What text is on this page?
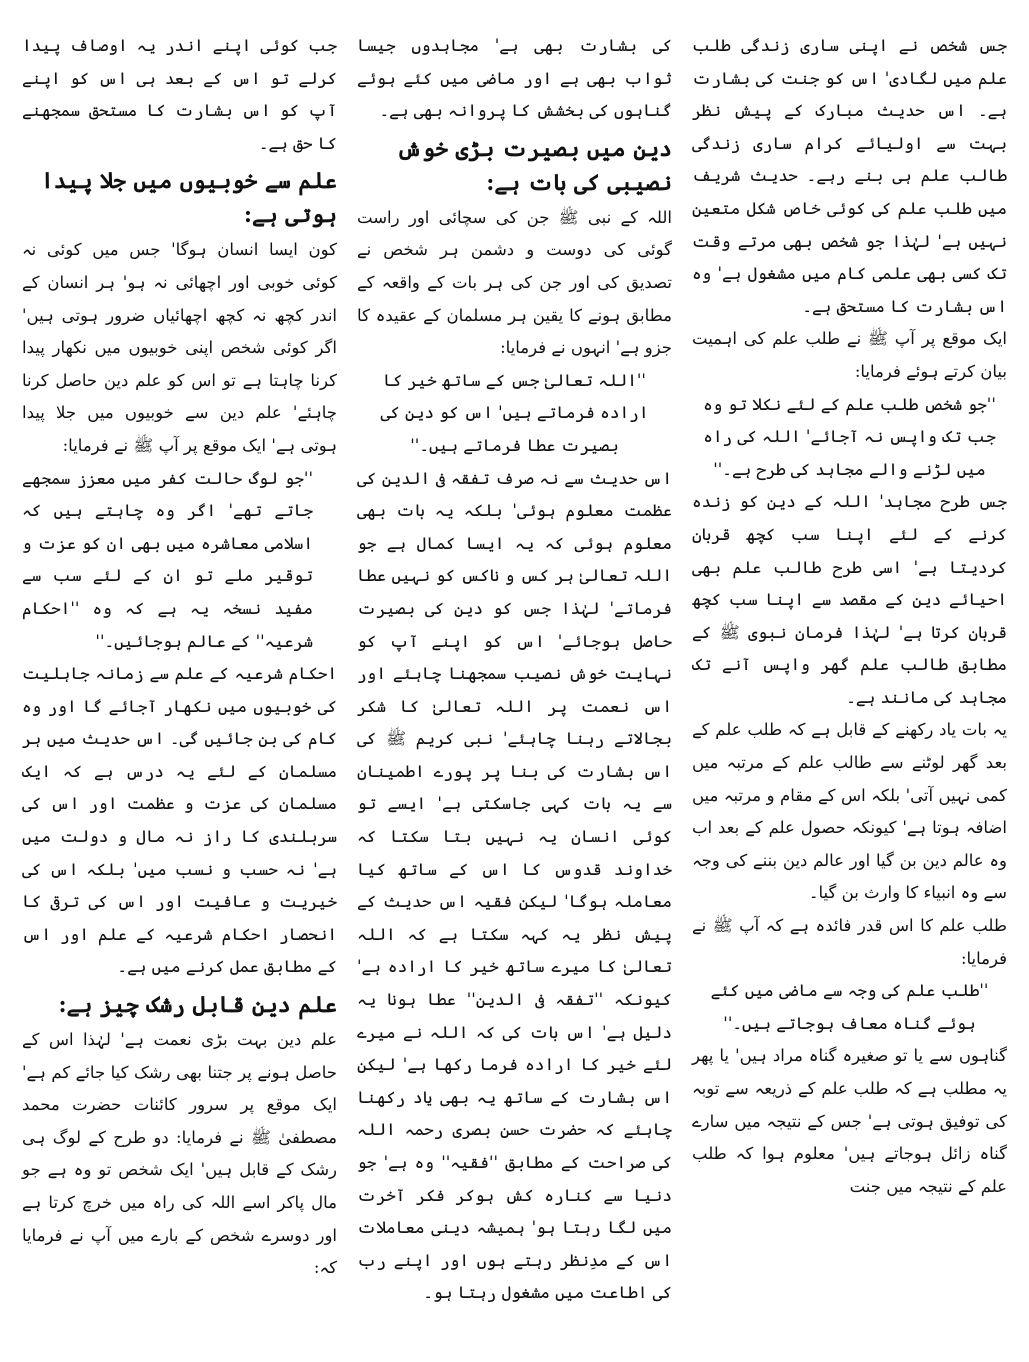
جس شخص نے اپنی ساری زندگی طلب علم میں لگادی' اس کو جنت کی بشارت ہے۔ اس حدیث مبارک کے پیش نظر بہت سے اولیائے کرام ساری زندگی طالب علم ہی بنے رہے۔ حدیث شریف میں طلب علم کی کوئی خاص شکل متعین نہیں ہے' لہٰذا جو شخص بھی مرتے وقت تک کسی بھی علمی کام میں مشغول ہے' وہ اس بشارت کا مستحق ہے۔

ایک موقع پر آپ ﷺ نے طلب علم کی اہمیت بیان کرتے ہوئے فرمایا:

''جو شخص طلب علم کے لئے نکلا تو وہ جب تک واپس نہ آجائے' اللہ کی راہ میں لڑنے والے مجاہد کی طرح ہے۔''

جس طرح مجاہد' اللہ کے دین کو زندہ کرنے کے لئے اپنا سب کچھ قربان کردیتا ہے' اسی طرح طالب علم بھی احیائے دین کے مقصد سے اپنا سب کچھ قربان کرتا ہے' لہٰذا فرمان نبوی ﷺ کے مطابق طالب علم گھر واپس آنے تک مجاہد کی مانند ہے۔

یہ بات یاد رکھنے کے قابل ہے کہ طلب علم کے بعد گھر لوٹنے سے طالب علم کے مرتبہ میں کمی نہیں آتی' بلکہ اس کے مقام و مرتبہ میں اضافہ ہوتا ہے' کیونکہ حصول علم کے بعد اب وہ عالم دین بن گیا اور عالم دین بننے کی وجہ سے وہ انبیاء کا وارث بن گیا۔

طلب علم کا اس قدر فائدہ ہے کہ آپ ﷺ نے فرمایا:

''طلب علم کی وجہ سے ماضی میں کئے ہوئے گناہ معاف ہوجاتے ہیں۔''

گناہوں سے یا تو صغیرہ گناہ مراد ہیں' یا پھر یہ مطلب ہے کہ طلب علم کے ذریعہ سے توبہ کی توفیق ہوتی ہے' جس کے نتیجہ میں سارے گناہ زائل ہوجاتے ہیں' معلوم ہوا کہ طلب علم کے نتیجہ میں جنت

کی بشارت بھی ہے' مجاہدوں جیسا ثواب بھی ہے اور ماضی میں کئے ہوئے گناہوں کی بخشش کا پروانہ بھی ہے۔

دین میں بصیرت بڑی خوش نصیبی کی بات ہے:

اللہ کے نبی ﷺ جن کی سچائی اور راست گوئی کی دوست و دشمن ہر شخص نے تصدیق کی اور جن کی ہر بات کے واقعہ کے مطابق ہونے کا یقین ہر مسلمان کے عقیدہ کا جزو ہے' انہوں نے فرمایا:

''اللہ تعالیٰ جس کے ساتھ خیر کا ارادہ فرماتے ہیں' اس کو دین کی بصیرت عطا فرماتے ہیں۔''

اس حدیث سے نہ صرف تفقہ فی الدین کی عظمت معلوم ہوئی' بلکہ یہ بات بھی معلوم ہوئی کہ یہ ایسا کمال ہے جو اللہ تعالیٰ ہر کس و ناکس کو نہیں عطا فرماتے' لہٰذا جس کو دین کی بصیرت حاصل ہوجائے' اس کو اپنے آپ کو نہایت خوش نصیب سمجھنا چاہئے اور اس نعمت پر اللہ تعالیٰ کا شکر بجالاتے رہنا چاہئے' نبی کریم ﷺ کی اس بشارت کی بنا پر پورے اطمینان سے یہ بات کہی جاسکتی ہے' ایسے تو کوئی انسان یہ نہیں بتا سکتا کہ خداوند قدوس کا اس کے ساتھ کیا معاملہ ہوگا' لیکن فقیہ اس حدیث کے پیش نظر یہ کہہ سکتا ہے کہ اللہ تعالیٰ کا میرے ساتھ خیر کا ارادہ ہے' کیونکہ ''تفقہ فی الدین'' عطا ہونا یہ دلیل ہے' اس بات کی کہ اللہ نے میرے لئے خیر کا ارادہ فرما رکھا ہے' لیکن اس بشارت کے ساتھ یہ بھی یاد رکھنا چاہئے کہ حضرت حسن بصری رحمہ اللہ کی صراحت کے مطابق ''فقیہ'' وہ ہے' جو دنیا سے کنارہ کش ہوکر فکر آخرت میں لگا رہتا ہو' ہمیشہ دینی معاملات اس کے مدِنظر رہتے ہوں اور اپنے رب کی اطاعت میں مشغول رہتا ہو۔

جب کوئی اپنے اندر یہ اوصاف پیدا کرلے تو اس کے بعد ہی اس کو اپنے آپ کو اس بشارت کا مستحق سمجھنے کا حق ہے۔

علم سے خوبیوں میں جلا پیدا ہوتی ہے:

کون ایسا انسان ہوگا' جس میں کوئی نہ کوئی خوبی اور اچھائی نہ ہو' ہر انسان کے اندر کچھ نہ کچھ اچھائیاں ضرور ہوتی ہیں' اگر کوئی شخص اپنی خوبیوں میں نکھار پیدا کرنا چاہتا ہے تو اس کو علم دین حاصل کرنا چاہئے' علم دین سے خوبیوں میں جلا پیدا ہوتی ہے' ایک موقع پر آپ ﷺ نے فرمایا:

''جو لوگ حالت کفر میں معزز سمجھے جاتے تھے' اگر وہ چاہتے ہیں کہ اسلامی معاشرہ میں بھی ان کو عزت و توقیر ملے تو ان کے لئے سب سے مفید نسخہ یہ ہے کہ وہ ''احکام شرعیہ'' کے عالم ہوجائیں۔''

احکام شرعیہ کے علم سے زمانہ جاہلیت کی خوبیوں میں نکھار آجائے گا اور وہ کام کی بن جائیں گی۔ اس حدیث میں ہر مسلمان کے لئے یہ درس ہے کہ ایک مسلمان کی عزت و عظمت اور اس کی سربلندی کا راز نہ مال و دولت میں ہے' نہ حسب و نسب میں' بلکہ اس کی خیریت و عافیت اور اس کی ترقی کا انحصار احکام شرعیہ کے علم اور اس کے مطابق عمل کرنے میں ہے۔

علم دین قابل رشک چیز ہے:

علم دین بہت بڑی نعمت ہے' لہٰذا اس کے حاصل ہونے پر جتنا بھی رشک کیا جائے کم ہے' ایک موقع پر سرور کائنات حضرت محمد مصطفیٰ ﷺ نے فرمایا: دو طرح کے لوگ ہی رشک کے قابل ہیں' ایک شخص تو وہ ہے جو مال پاکر اسے اللہ کی راہ میں خرچ کرتا ہے اور دوسرے شخص کے بارے میں آپ نے فرمایا کہ:
